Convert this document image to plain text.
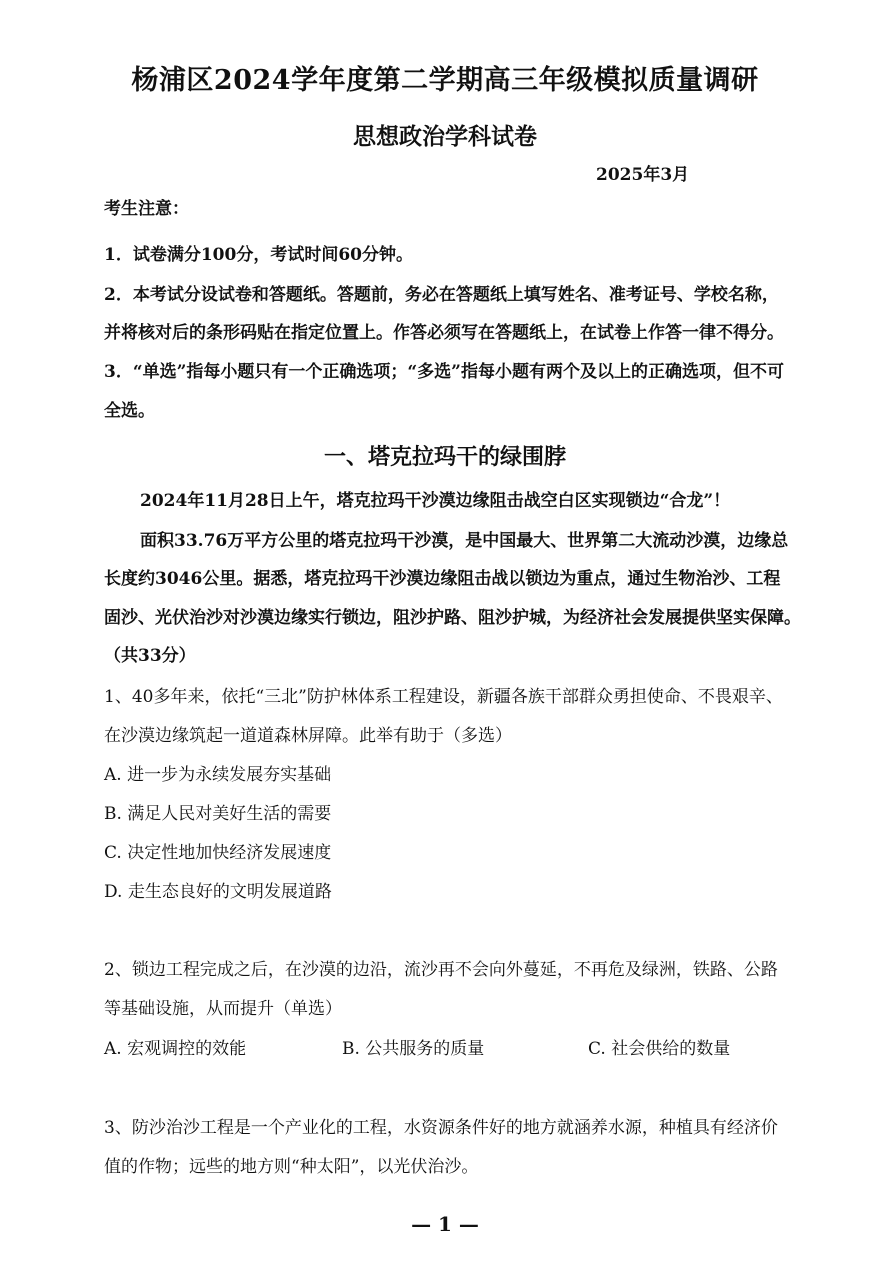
杨浦区2024学年度第二学期高三年级模拟质量调研
思想政治学科试卷
2025年3月
考生注意：
1．试卷满分100分，考试时间60分钟。
2．本考试分设试卷和答题纸。答题前，务必在答题纸上填写姓名、准考证号、学校名称，
并将核对后的条形码贴在指定位置上。作答必须写在答题纸上，在试卷上作答一律不得分。
3．“单选”指每小题只有一个正确选项；“多选”指每小题有两个及以上的正确选项，但不可
全选。
一、塔克拉玛干的绿围脖
2024年11月28日上午，塔克拉玛干沙漠边缘阻击战空白区实现锁边“合龙”！
面积33.76万平方公里的塔克拉玛干沙漠，是中国最大、世界第二大流动沙漠，边缘总
长度约3046公里。据悉，塔克拉玛干沙漠边缘阻击战以锁边为重点，通过生物治沙、工程
固沙、光伏治沙对沙漠边缘实行锁边，阻沙护路、阻沙护城，为经济社会发展提供坚实保障。
（共33分）
1、40多年来，依托“三北”防护林体系工程建设，新疆各族干部群众勇担使命、不畏艰辛、
在沙漠边缘筑起一道道森林屏障。此举有助于（多选）
A. 进一步为永续发展夯实基础
B. 满足人民对美好生活的需要
C. 决定性地加快经济发展速度
D. 走生态良好的文明发展道路
2、锁边工程完成之后，在沙漠的边沿，流沙再不会向外蔓延，不再危及绿洲，铁路、公路
等基础设施，从而提升（单选）
A. 宏观调控的效能	B. 公共服务的质量	C. 社会供给的数量
3、防沙治沙工程是一个产业化的工程，水资源条件好的地方就涵养水源，种植具有经济价
值的作物；远些的地方则“种太阳”，以光伏治沙。
— 1 —
